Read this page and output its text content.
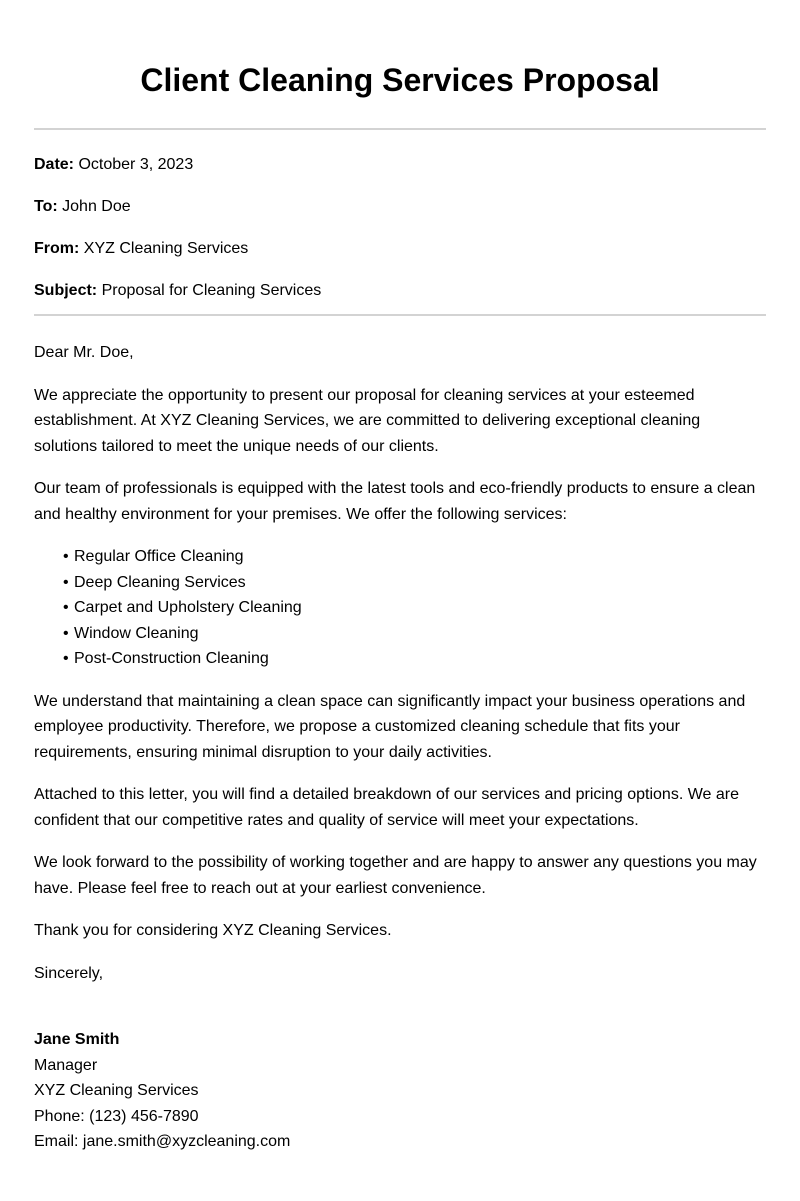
Client Cleaning Services Proposal
Date: October 3, 2023
To: John Doe
From: XYZ Cleaning Services
Subject: Proposal for Cleaning Services

Dear Mr. Doe,

We appreciate the opportunity to present our proposal for cleaning services at your esteemed establishment. At XYZ Cleaning Services, we are committed to delivering exceptional cleaning solutions tailored to meet the unique needs of our clients.

Our team of professionals is equipped with the latest tools and eco-friendly products to ensure a clean and healthy environment for your premises. We offer the following services:

• Regular Office Cleaning
• Deep Cleaning Services
• Carpet and Upholstery Cleaning
• Window Cleaning
• Post-Construction Cleaning

We understand that maintaining a clean space can significantly impact your business operations and employee productivity. Therefore, we propose a customized cleaning schedule that fits your requirements, ensuring minimal disruption to your daily activities.

Attached to this letter, you will find a detailed breakdown of our services and pricing options. We are confident that our competitive rates and quality of service will meet your expectations.

We look forward to the possibility of working together and are happy to answer any questions you may have. Please feel free to reach out at your earliest convenience.

Thank you for considering XYZ Cleaning Services.

Sincerely,

Jane Smith
Manager
XYZ Cleaning Services
Phone: (123) 456-7890
Email: jane.smith@xyzcleaning.com
